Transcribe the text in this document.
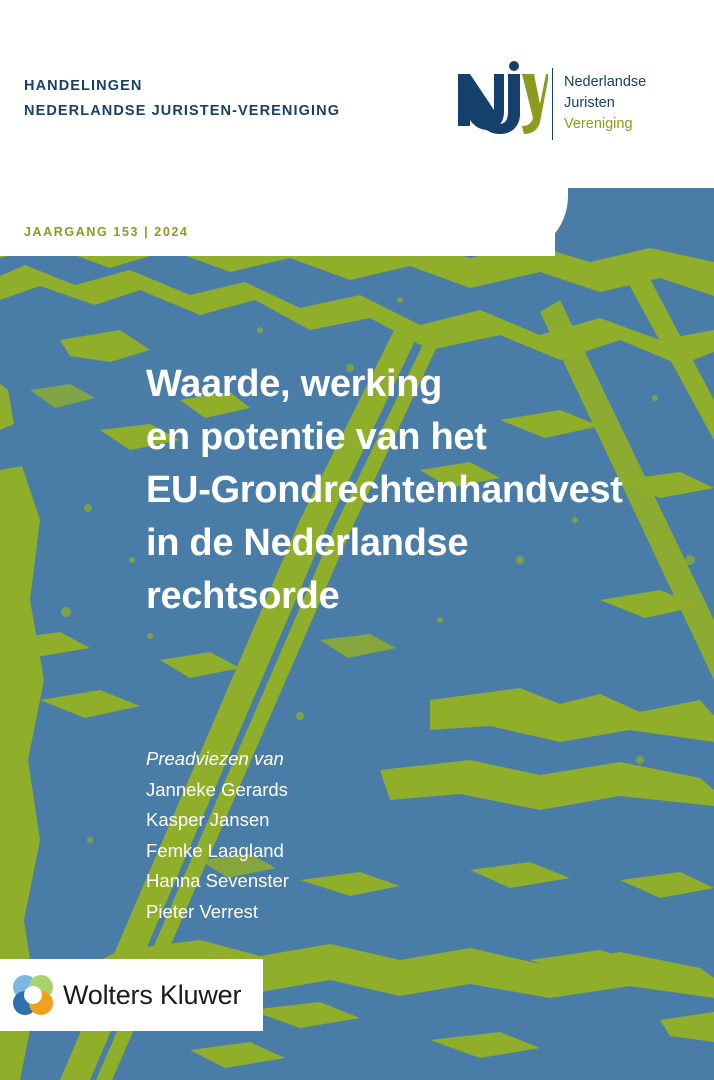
HANDELINGEN
NEDERLANDSE JURISTEN-VERENIGING
JAARGANG 153 | 2024
Nederlandse
Juristen
Vereniging
Waarde, werking
en potentie van het
EU-Grondrechtenhandvest
in de Nederlandse
rechtsorde
Preadviezen van
Janneke Gerards
Kasper Jansen
Femke Laagland
Hanna Sevenster
Pieter Verrest
Wolters Kluwer
